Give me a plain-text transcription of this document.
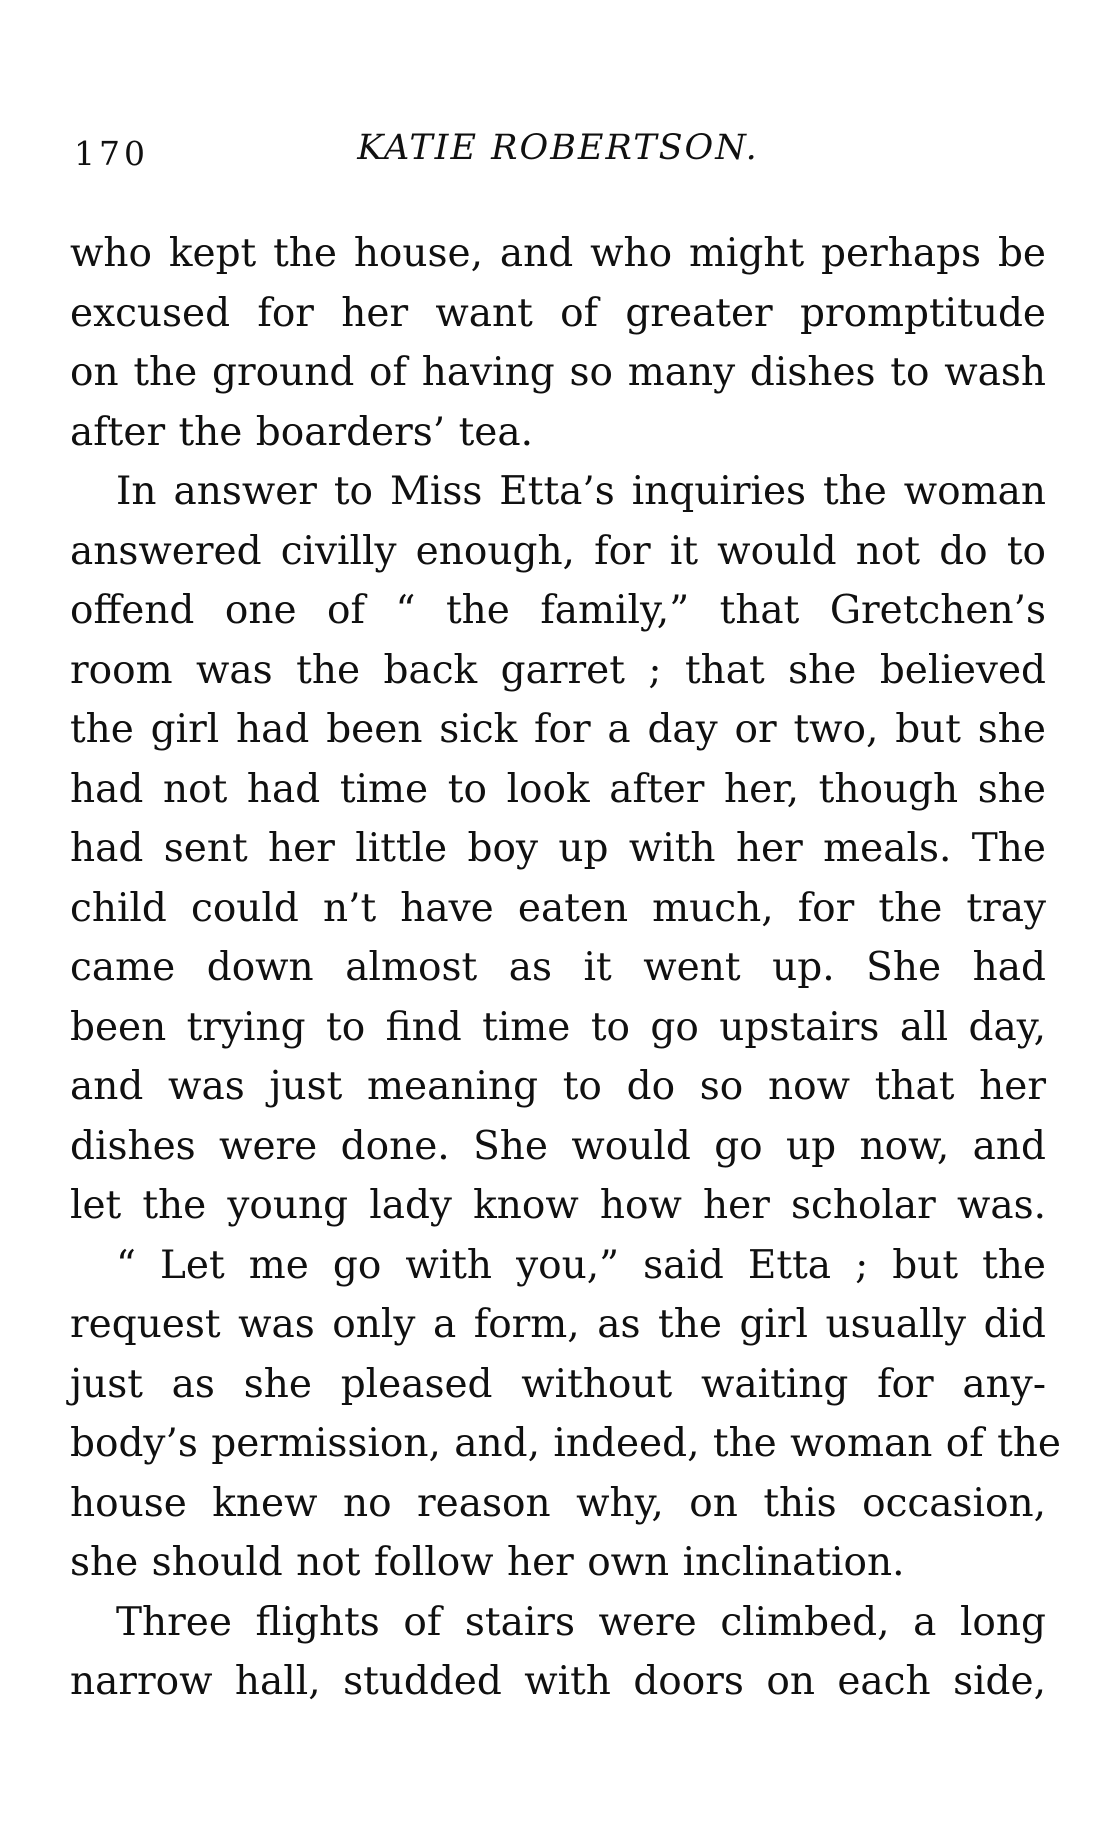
170	KATIE ROBERTSON.
who kept the house, and who might perhaps be
excused for her want of greater promptitude
on the ground of having so many dishes to wash
after the boarders’ tea.
In answer to Miss Etta’s inquiries the woman
answered civilly enough, for it would not do to
offend one of “ the family,” that Gretchen’s
room was the back garret ; that she believed
the girl had been sick for a day or two, but she
had not had time to look after her, though she
had sent her little boy up with her meals. The
child could n’t have eaten much, for the tray
came down almost as it went up. She had
been trying to find time to go upstairs all day,
and was just meaning to do so now that her
dishes were done. She would go up now, and
let the young lady know how her scholar was.
“ Let me go with you,” said Etta ; but the
request was only a form, as the girl usually did
just as she pleased without waiting for any-
body’s permission, and, indeed, the woman of the
house knew no reason why, on this occasion,
she should not follow her own inclination.
Three flights of stairs were climbed, a long
narrow hall, studded with doors on each side,
